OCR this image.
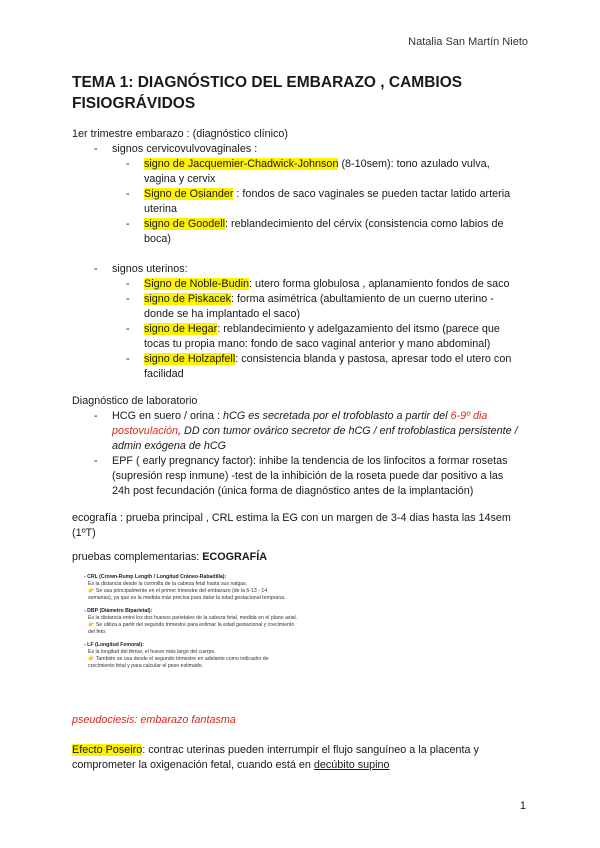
Natalia San Martín Nieto
TEMA 1: DIAGNÓSTICO DEL EMBARAZO , CAMBIOS FISIOGRÁVIDOS
1er trimestre embarazo : (diagnóstico clínico)
- signos cervicovulvovaginales :
- signo de Jacquemier-Chadwick-Johnson (8-10sem): tono azulado vulva,
vagina y cervix
- Signo de Osiander : fondos de saco vaginales se pueden tactar latido arteria
uterina
- signo de Goodell: reblandecimiento del cérvix (consistencia como labios de
boca)
- signos uterinos:
- Signo de Noble-Budin: utero forma globulosa , aplanamiento fondos de saco
- signo de Piskacek: forma asimétrica (abultamiento de un cuerno uterino -
donde se ha implantado el saco)
- signo de Hegar: reblandecimiento y adelgazamiento del itsmo (parece que
tocas tu propia mano: fondo de saco vaginal anterior y mano abdominal)
- signo de Holzapfell: consistencia blanda y pastosa, apresar todo el utero con
facilidad
Diagnóstico de laboratorio
- HCG en suero / orina : hCG es secretada por el trofoblasto a partir del 6-9º dia
postovulación, DD con tumor ovárico secretor de hCG / enf trofoblastica persistente /
admin exógena de hCG
- EPF ( early pregnancy factor): inhibe la tendencia de los linfocitos a formar rosetas
(supresión resp inmune) -test de la inhibición de la roseta puede dar positivo a las
24h post fecundación (única forma de diagnóstico antes de la implantación)
ecografía : prueba principal , CRL estima la EG con un margen de 3-4 dias hasta las 14sem
(1ºT)
pruebas complementarias: ECOGRAFÍA
- CRL (Crown-Rump Length / Longitud Cráneo-Rabadilla):
Es la distancia desde la coronilla de la cabeza fetal hasta sus nalgas.
👉 Se usa principalmente en el primer trimestre del embarazo (de la 6-13 - 14
semanas), ya que es la medida más precisa para datar la edad gestacional temprana.
- DBP (Diámetro Biparietal):
Es la distancia entre los dos huesos parietales de la cabeza fetal, medida en el plano axial.
👉 Se utiliza a partir del segundo trimestre para estimar la edad gestacional y crecimiento
del feto.
- LF (Longitud Femoral):
Es la longitud del fémur, el hueso más largo del cuerpo.
👉 También se usa desde el segundo trimestre en adelante como indicador de
crecimiento fetal y para calcular el peso estimado.
pseudociesis: embarazo fantasma
Efecto Poseiro: contrac uterinas pueden interrumpir el flujo sanguíneo a la placenta y
comprometer la oxigenación fetal, cuando está en decúbito supino
1
